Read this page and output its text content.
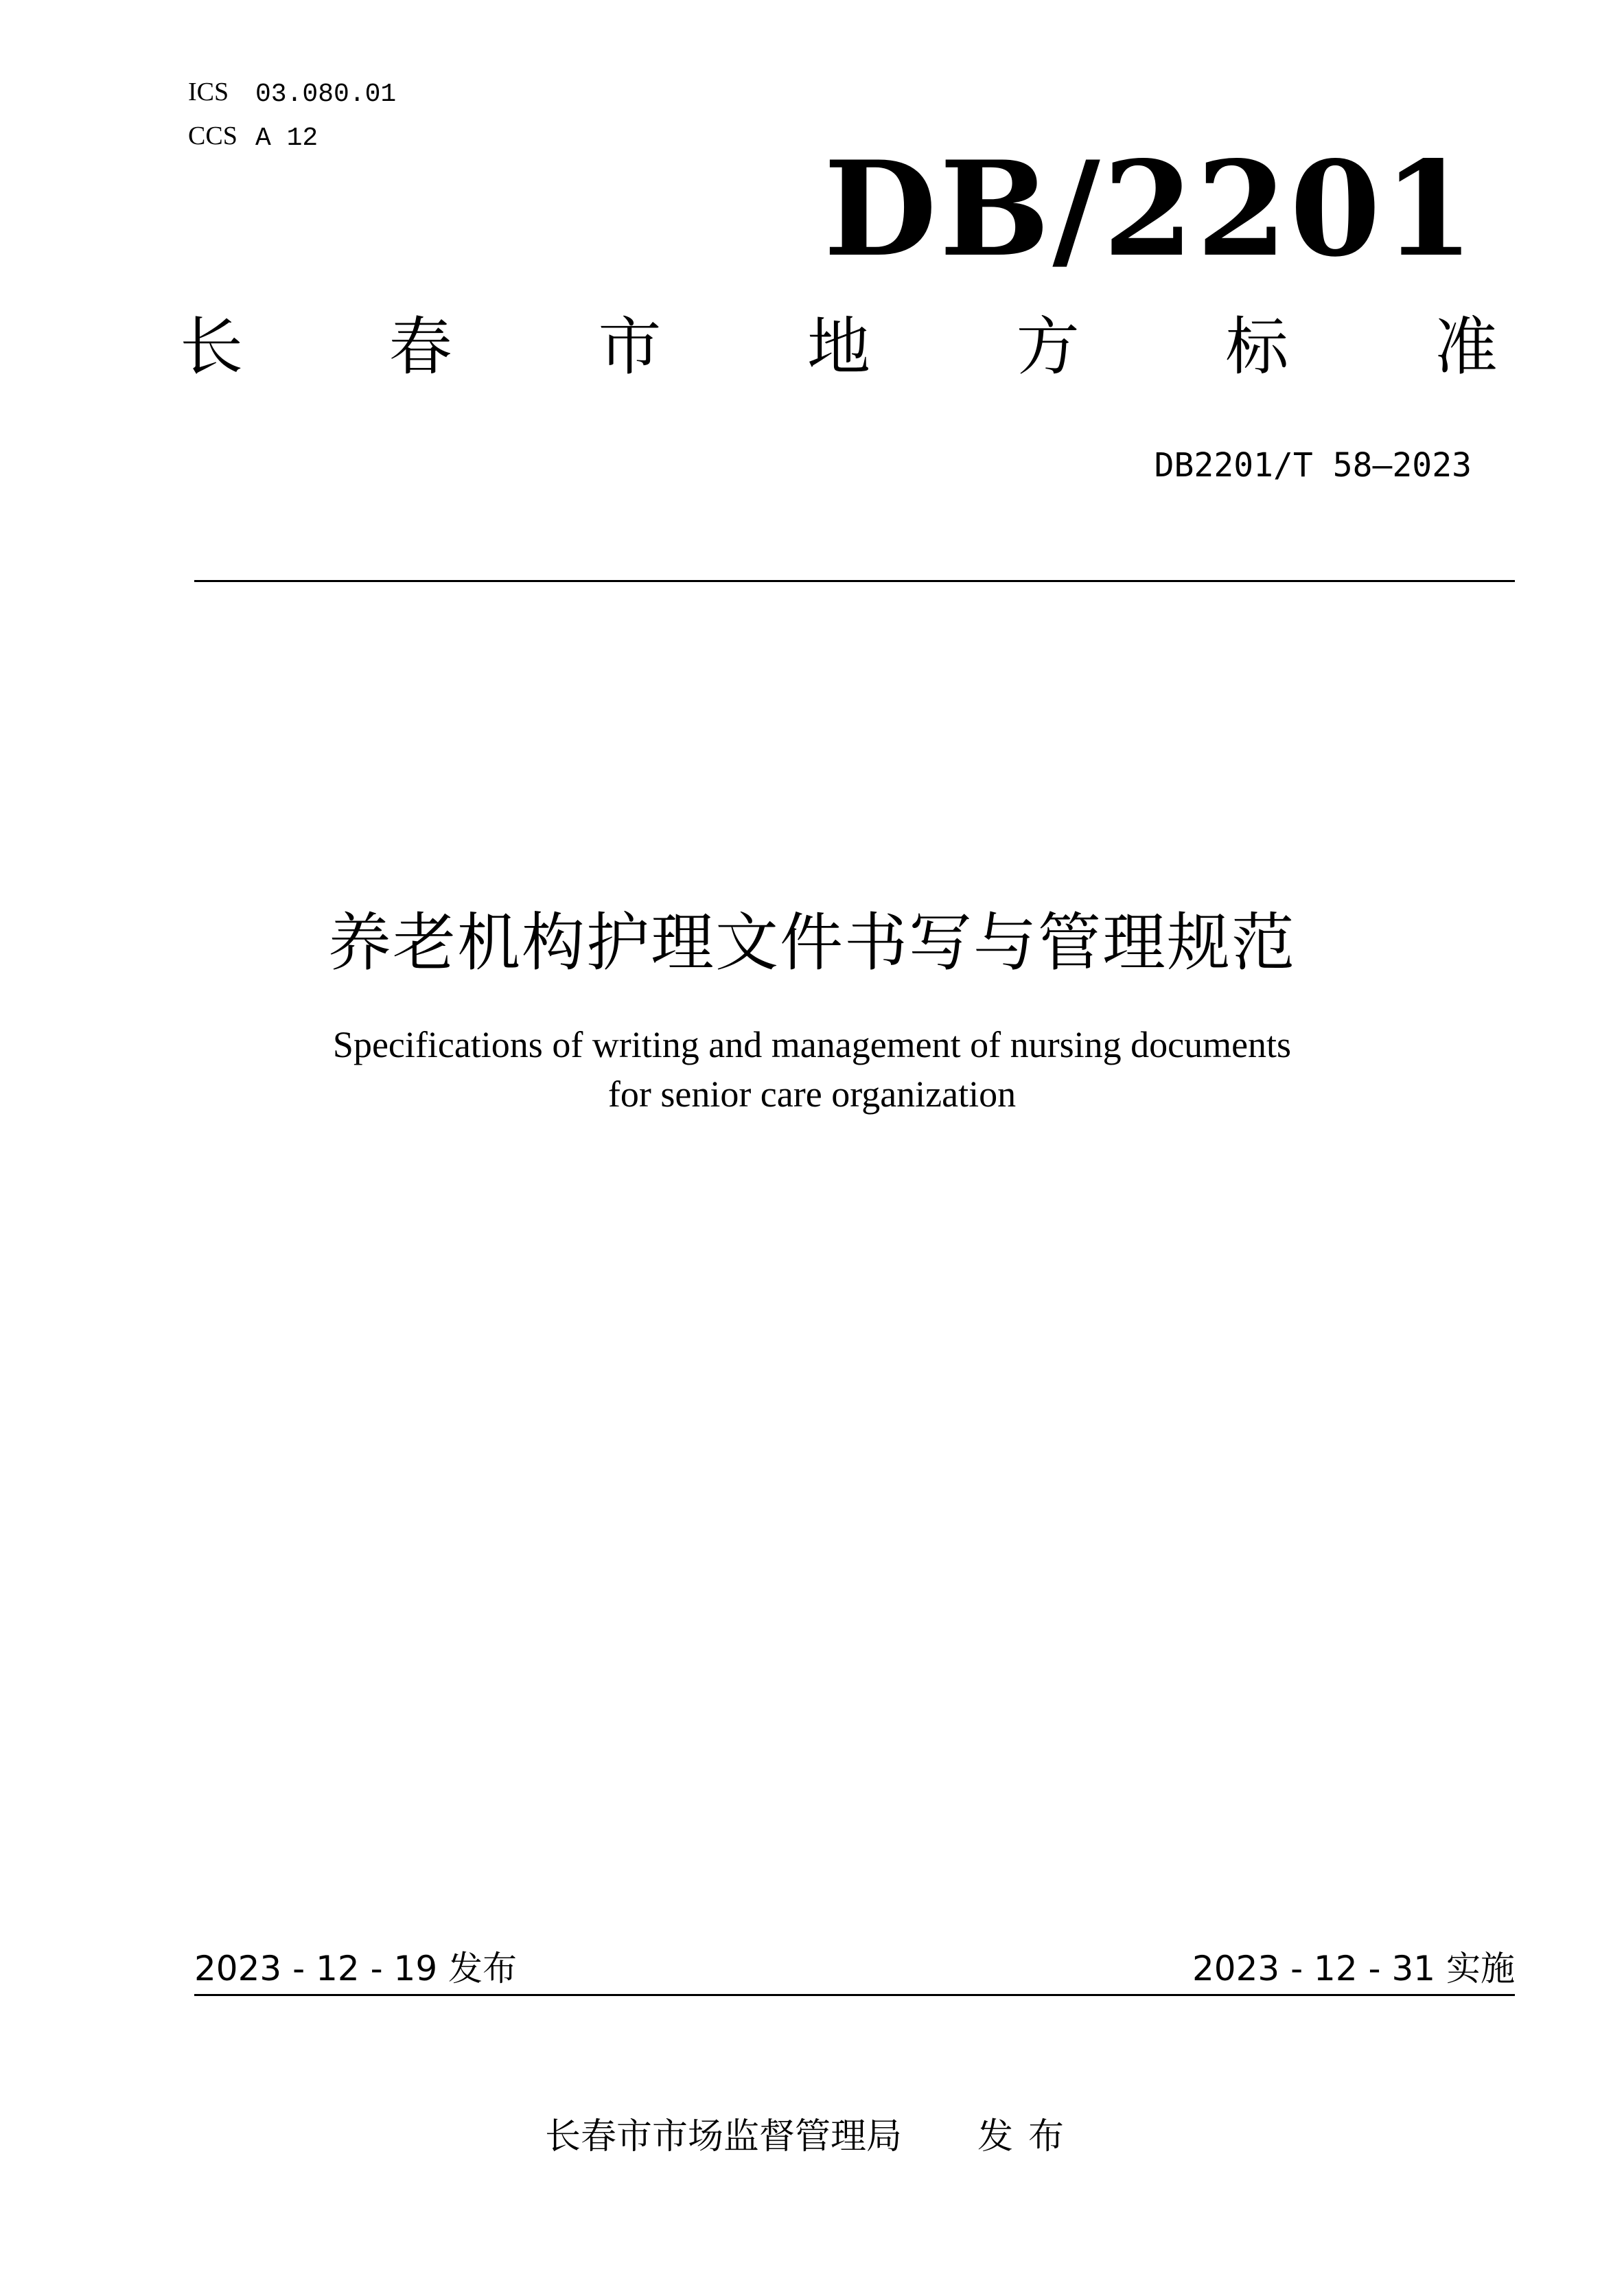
ICS 03.080.01
CCS A 12	DB/2201
长 春 市 地 方 标 准
DB2201/T 58—2023
养老机构护理文件书写与管理规范
Specifications of writing and management of nursing documents
for senior care organization
2023 - 12 - 19 发布	2023 - 12 - 31 实施
长春市市场监督管理局 发布
